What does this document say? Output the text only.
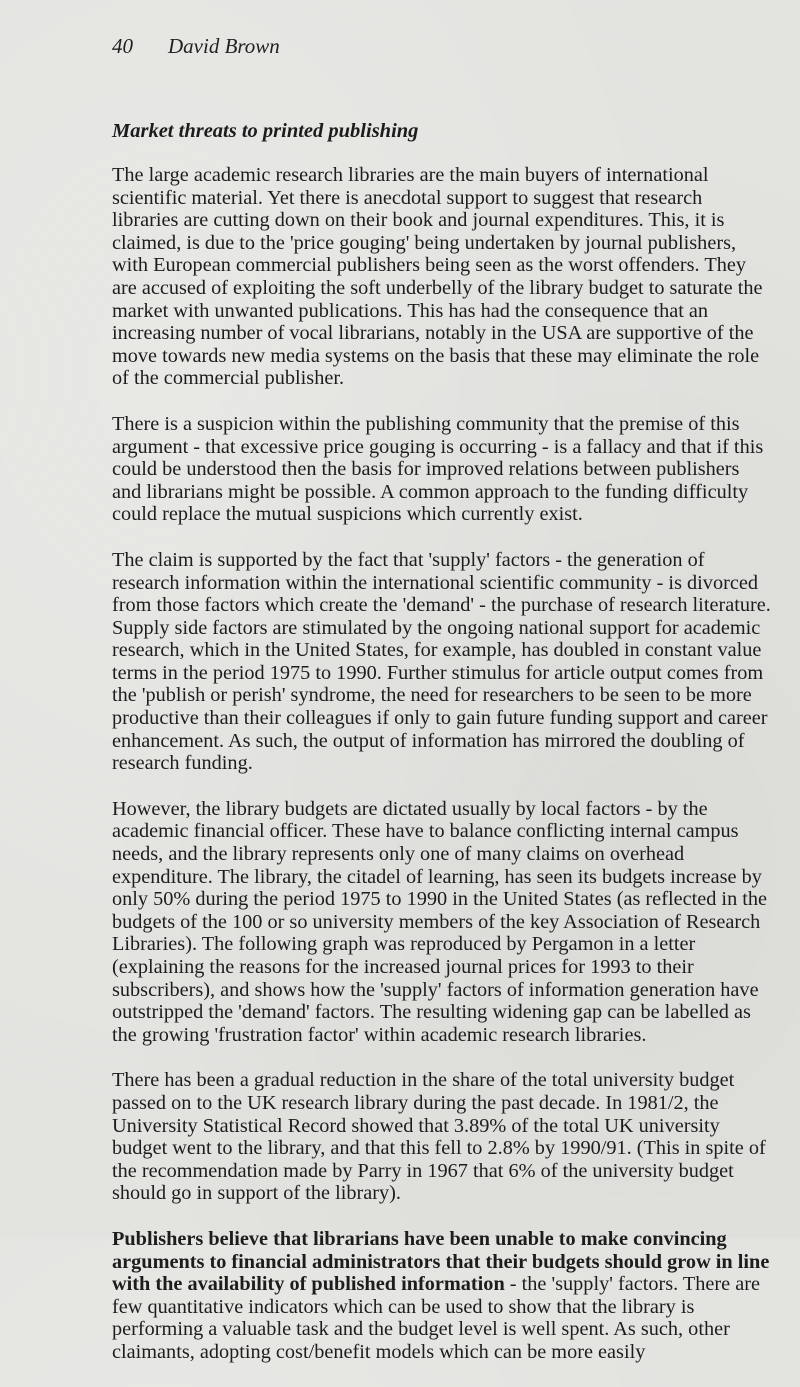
40 David Brown
Market threats to printed publishing

The large academic research libraries are the main buyers of international scientific material. Yet there is anecdotal support to suggest that research libraries are cutting down on their book and journal expenditures. This, it is claimed, is due to the 'price gouging' being undertaken by journal publishers, with European commercial publishers being seen as the worst offenders. They are accused of exploiting the soft underbelly of the library budget to saturate the market with unwanted publications. This has had the consequence that an increasing number of vocal librarians, notably in the USA are supportive of the move towards new media systems on the basis that these may eliminate the role of the commercial publisher.

There is a suspicion within the publishing community that the premise of this argument - that excessive price gouging is occurring - is a fallacy and that if this could be understood then the basis for improved relations between publishers and librarians might be possible. A common approach to the funding difficulty could replace the mutual suspicions which currently exist.

The claim is supported by the fact that 'supply' factors - the generation of research information within the international scientific community - is divorced from those factors which create the 'demand' - the purchase of research literature. Supply side factors are stimulated by the ongoing national support for academic research, which in the United States, for example, has doubled in constant value terms in the period 1975 to 1990. Further stimulus for article output comes from the 'publish or perish' syndrome, the need for researchers to be seen to be more productive than their colleagues if only to gain future funding support and career enhancement. As such, the output of information has mirrored the doubling of research funding.

However, the library budgets are dictated usually by local factors - by the academic financial officer. These have to balance conflicting internal campus needs, and the library represents only one of many claims on overhead expenditure. The library, the citadel of learning, has seen its budgets increase by only 50% during the period 1975 to 1990 in the United States (as reflected in the budgets of the 100 or so university members of the key Association of Research Libraries). The following graph was reproduced by Pergamon in a letter (explaining the reasons for the increased journal prices for 1993 to their subscribers), and shows how the 'supply' factors of information generation have outstripped the 'demand' factors. The resulting widening gap can be labelled as the growing 'frustration factor' within academic research libraries.

There has been a gradual reduction in the share of the total university budget passed on to the UK research library during the past decade. In 1981/2, the University Statistical Record showed that 3.89% of the total UK university budget went to the library, and that this fell to 2.8% by 1990/91. (This in spite of the recommendation made by Parry in 1967 that 6% of the university budget should go in support of the library).

Publishers believe that librarians have been unable to make convincing arguments to financial administrators that their budgets should grow in line with the availability of published information - the 'supply' factors. There are few quantitative indicators which can be used to show that the library is performing a valuable task and the budget level is well spent. As such, other claimants, adopting cost/benefit models which can be more easily
